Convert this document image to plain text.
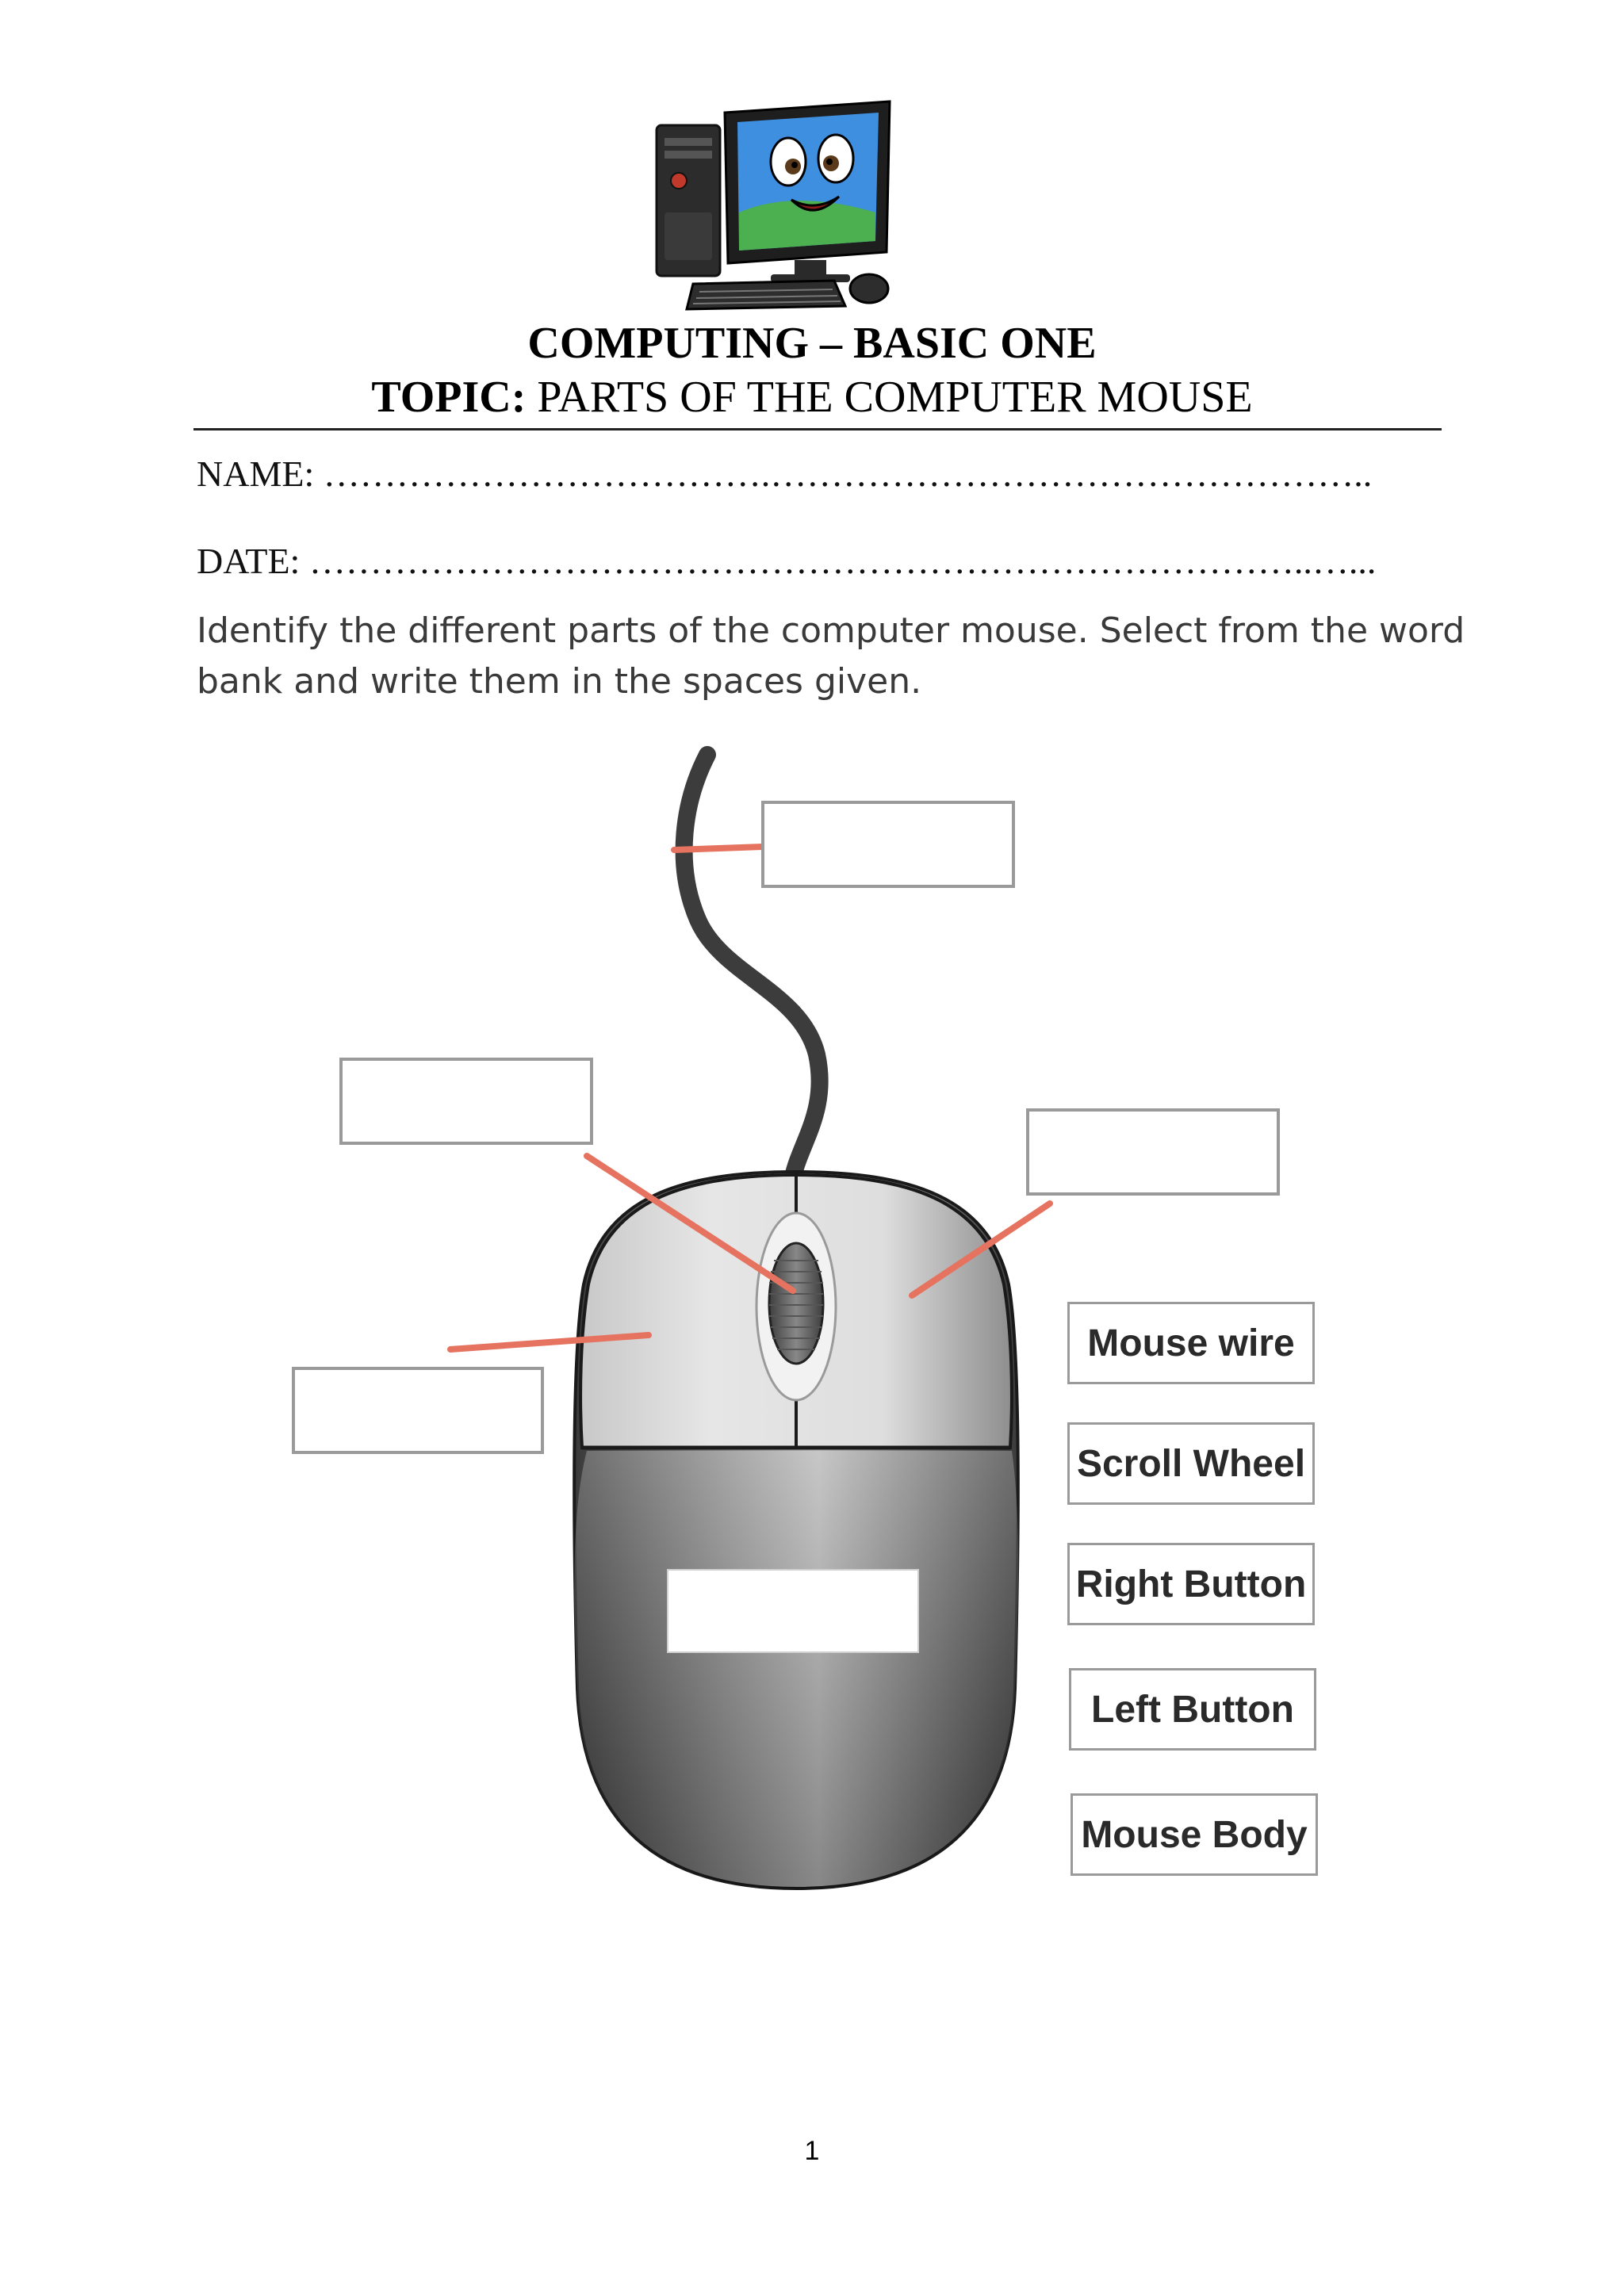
COMPUTING – BASIC ONE
TOPIC: PARTS OF THE COMPUTER MOUSE
NAME: ……………………………….…………………………………………..
DATE: ………………………………………………………………………..…...
Identify the different parts of the computer mouse. Select from the word bank and write them in the spaces given.
Mouse wire
Scroll Wheel
Right Button
Left Button
Mouse Body
1
